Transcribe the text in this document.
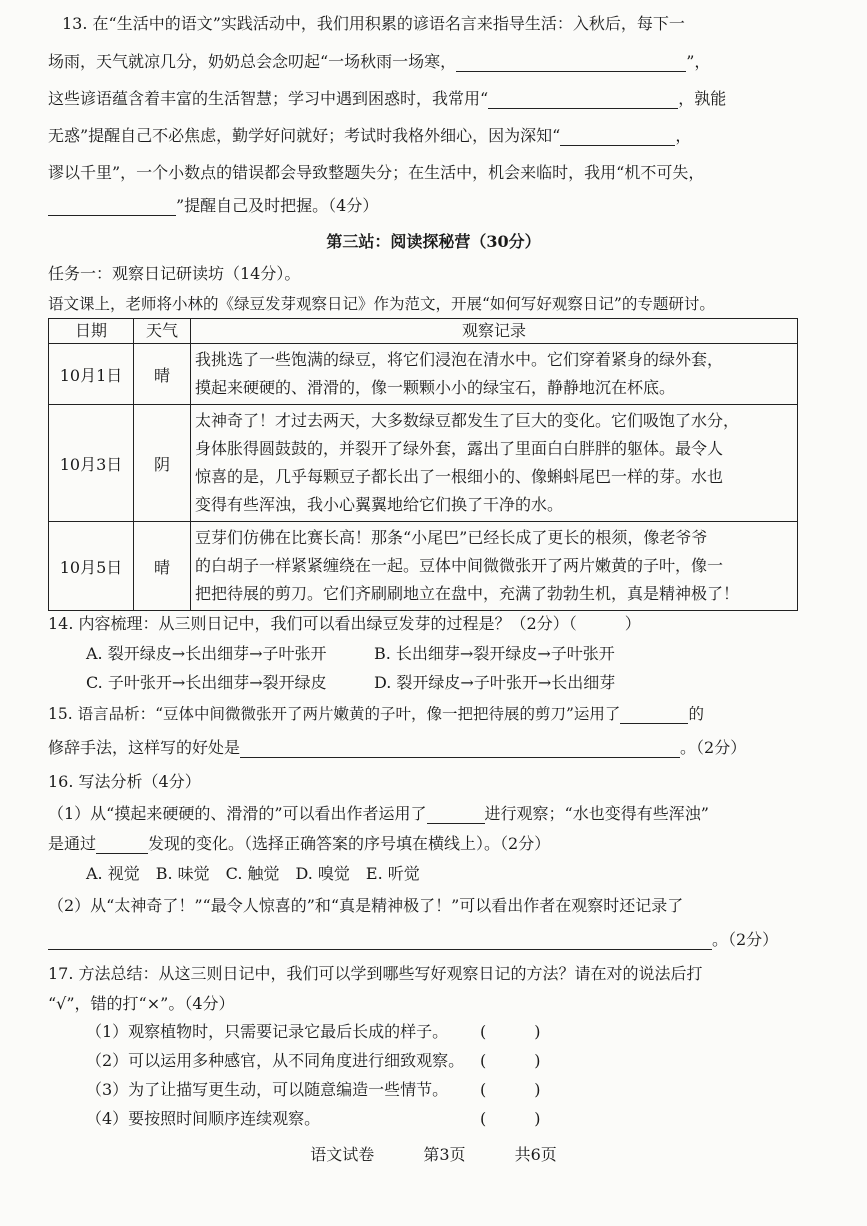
13. 在“生活中的语文”实践活动中，我们用积累的谚语名言来指导生活：入秋后，每下一
场雨，天气就凉几分，奶奶总会念叨起“一场秋雨一场寒，	”，
这些谚语蕴含着丰富的生活智慧；学习中遇到困惑时，我常用“	，孰能
无惑”提醒自己不必焦虑，勤学好问就好；考试时我格外细心，因为深知“	，
谬以千里”，一个小数点的错误都会导致整题失分；在生活中，机会来临时，我用“机不可失，
”提醒自己及时把握。（4分）
第三站：阅读探秘营（30分）
任务一：观察日记研读坊（14分）。
语文课上，老师将小林的《绿豆发芽观察日记》作为范文，开展“如何写好观察日记”的专题研讨。
日期	天气	观察记录
10月1日	晴	我挑选了一些饱满的绿豆，将它们浸泡在清水中。它们穿着紧身的绿外套，
摸起来硬硬的、滑滑的，像一颗颗小小的绿宝石，静静地沉在杯底。

10月3日	阴	太神奇了！才过去两天，大多数绿豆都发生了巨大的变化。它们吸饱了水分，
身体胀得圆鼓鼓的，并裂开了绿外套，露出了里面白白胖胖的躯体。最令人
惊喜的是，几乎每颗豆子都长出了一根细小的、像蝌蚪尾巴一样的芽。水也
变得有些浑浊，我小心翼翼地给它们换了干净的水。

10月5日	晴	豆芽们仿佛在比赛长高！那条“小尾巴”已经长成了更长的根须，像老爷爷
的白胡子一样紧紧缠绕在一起。豆体中间微微张开了两片嫩黄的子叶，像一
把把待展的剪刀。它们齐刷刷地立在盘中，充满了勃勃生机，真是精神极了！
14. 内容梳理：从三则日记中，我们可以看出绿豆发芽的过程是？（2分）（　　　）
A. 裂开绿皮→长出细芽→子叶张开	B. 长出细芽→裂开绿皮→子叶张开
C. 子叶张开→长出细芽→裂开绿皮	D. 裂开绿皮→子叶张开→长出细芽
15. 语言品析：“豆体中间微微张开了两片嫩黄的子叶，像一把把待展的剪刀”运用了	的
修辞手法，这样写的好处是	。（2分）
16. 写法分析（4分）
（1）从“摸起来硬硬的、滑滑的”可以看出作者运用了	进行观察；“水也变得有些浑浊”
是通过	发现的变化。（选择正确答案的序号填在横线上）。（2分）
A. 视觉　B. 味觉　C. 触觉　D. 嗅觉　E. 听觉
（2）从“太神奇了！”“最令人惊喜的”和“真是精神极了！”可以看出作者在观察时还记录了
。（2分）
17. 方法总结：从这三则日记中，我们可以学到哪些写好观察日记的方法？请在对的说法后打
“√”，错的打“×”。（4分）
（1）观察植物时，只需要记录它最后长成的样子。 (　　　)
（2）可以运用多种感官，从不同角度进行细致观察。 (　　　)
（3）为了让描写更生动，可以随意编造一些情节。 (　　　)
（4）要按照时间顺序连续观察。	(　　　)
语文试卷	第3页	共6页
